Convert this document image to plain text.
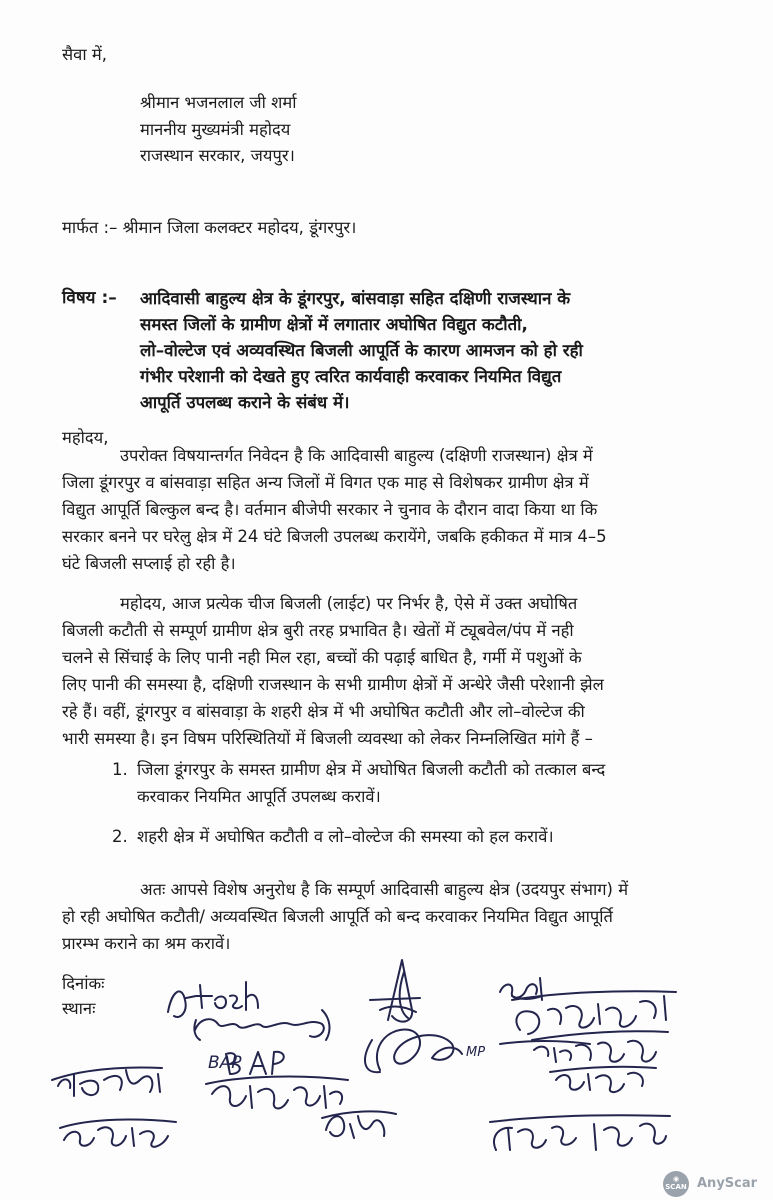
सैवा में,
श्रीमान भजनलाल जी शर्मा
माननीय मुख्यमंत्री महोदय
राजस्थान सरकार, जयपुर।
मार्फत :– श्रीमान जिला कलक्टर महोदय, डूंगरपुर।
विषय :– आदिवासी बाहुल्य क्षेत्र के डूंगरपुर, बांसवाड़ा सहित दक्षिणी राजस्थान के
समस्त जिलों के ग्रामीण क्षेत्रों में लगातार अघोषित विद्युत कटौती,
लो–वोल्टेज एवं अव्यवस्थित बिजली आपूर्ति के कारण आमजन को हो रही
गंभीर परेशानी को देखते हुए त्वरित कार्यवाही करवाकर नियमित विद्युत
आपूर्ति उपलब्ध कराने के संबंध में।
महोदय,
उपरोक्त विषयान्तर्गत निवेदन है कि आदिवासी बाहुल्य (दक्षिणी राजस्थान) क्षेत्र में
जिला डूंगरपुर व बांसवाड़ा सहित अन्य जिलों में विगत एक माह से विशेषकर ग्रामीण क्षेत्र में
विद्युत आपूर्ति बिल्कुल बन्द है। वर्तमान बीजेपी सरकार ने चुनाव के दौरान वादा किया था कि
सरकार बनने पर घरेलु क्षेत्र में 24 घंटे बिजली उपलब्ध करायेंगे, जबकि हकीकत में मात्र 4–5
घंटे बिजली सप्लाई हो रही है।
महोदय, आज प्रत्येक चीज बिजली (लाईट) पर निर्भर है, ऐसे में उक्त अघोषित
बिजली कटौती से सम्पूर्ण ग्रामीण क्षेत्र बुरी तरह प्रभावित है। खेतों में ट्यूबवेल/पंप में नही
चलने से सिंचाई के लिए पानी नही मिल रहा, बच्चों की पढ़ाई बाधित है, गर्मी में पशुओं के
लिए पानी की समस्या है, दक्षिणी राजस्थान के सभी ग्रामीण क्षेत्रों में अन्धेरे जैसी परेशानी झेल
रहे हैं। वहीं, डूंगरपुर व बांसवाड़ा के शहरी क्षेत्र में भी अघोषित कटौती और लो–वोल्टेज की
भारी समस्या है। इन विषम परिस्थितियों में बिजली व्यवस्था को लेकर निम्नलिखित मांगे हैं –
1. जिला डूंगरपुर के समस्त ग्रामीण क्षेत्र में अघोषित बिजली कटौती को तत्काल बन्द
करवाकर नियमित आपूर्ति उपलब्ध करावें।
2. शहरी क्षेत्र में अघोषित कटौती व लो–वोल्टेज की समस्या को हल करावें।
अतः आपसे विशेष अनुरोध है कि सम्पूर्ण आदिवासी बाहुल्य क्षेत्र (उदयपुर संभाग) में
हो रही अघोषित कटौती/ अव्यवस्थित बिजली आपूर्ति को बन्द करवाकर नियमित विद्युत आपूर्ति
प्रारम्भ कराने का श्रम करावें।
दिनांकः
स्थानः
BAP
MP
◉
SCAN AnyScar
